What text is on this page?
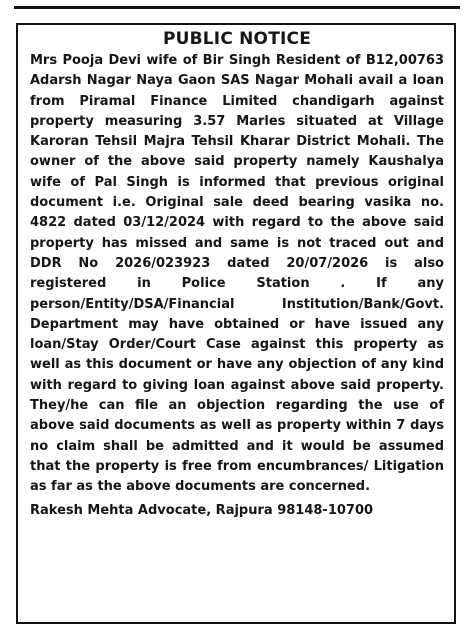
PUBLIC NOTICE

Mrs Pooja Devi wife of Bir Singh Resident of B12,00763 Adarsh Nagar Naya Gaon SAS Nagar Mohali avail a loan from Piramal Finance Limited chandigarh against property measuring 3.57 Marles situated at Village Karoran Tehsil Majra Tehsil Kharar District Mohali. The owner of the above said property namely Kaushalya wife of Pal Singh is informed that previous original document i.e. Original sale deed bearing vasika no. 4822 dated 03/12/2024 with regard to the above said property has missed and same is not traced out and DDR No 2026/023923 dated 20/07/2026 is also registered in Police Station . If any person/Entity/DSA/Financial Institution/Bank/Govt. Department may have obtained or have issued any loan/Stay Order/Court Case against this property as well as this document or have any objection of any kind with regard to giving loan against above said property. They/he can file an objection regarding the use of above said documents as well as property within 7 days no claim shall be admitted and it would be assumed that the property is free from encumbrances/ Litigation as far as the above documents are concerned.

Rakesh Mehta Advocate, Rajpura 98148-10700
